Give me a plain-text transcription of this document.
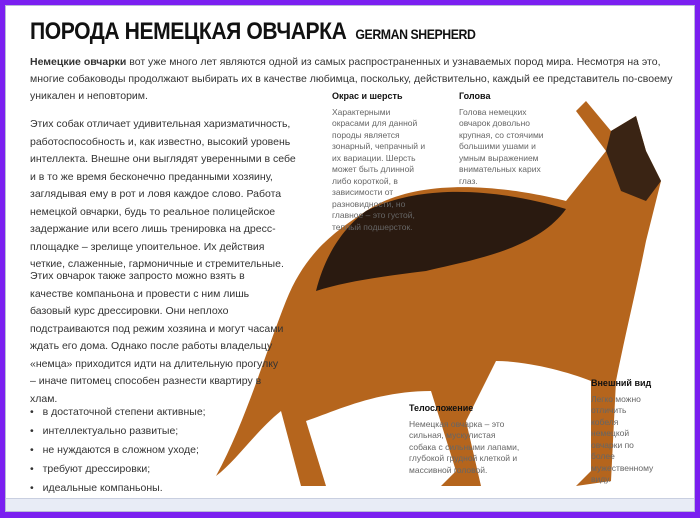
ПОРОДА НЕМЕЦКАЯ ОВЧАРКА GERMAN SHEPHERD
Немецкие овчарки вот уже много лет являются одной из самых распространенных и узнаваемых пород мира. Несмотря на это, многие собаководы продолжают выбирать их в качестве любимца, поскольку, действительно, каждый ее представитель по-своему уникален и неповторим.
Этих собак отличает удивительная харизматичность, работоспособность и, как известно, высокий уровень интеллекта. Внешне они выглядят уверенными в себе и в то же время бесконечно преданными хозяину, заглядывая ему в рот и ловя каждое слово. Работа немецкой овчарки, будь то реальное полицейское задержание или всего лишь тренировка на дресс-площадке – зрелище упоительное. Их действия четкие, слаженные, гармоничные и стремительные.
Этих овчарок также запросто можно взять в качестве компаньона и провести с ним лишь базовый курс дрессировки. Они неплохо подстраиваются под режим хозяина и могут часами ждать его дома. Однако после работы владельцу «немца» приходится идти на длительную прогулку – иначе питомец способен разнести квартиру в хлам.
• в достаточной степени активные;
• интеллектуально развитые;
• не нуждаются в сложном уходе;
• требуют дрессировки;
• идеальные компаньоны.
Окрас и шерсть
Характерными окрасами для данной породы является зонарный, чепрачный и их вариации. Шерсть может быть длинной либо короткой, в зависимости от разновидности, но главное – это густой, теплый подшерсток.
Голова
Голова немецких овчарок довольно крупная, со стоячими большими ушами и умным выражением внимательных карих глаз.
Телосложение
Немецкая овчарка – это сильная, мускулистая собака с сильными лапами, глубокой грудной клеткой и массивной головой.
Внешний вид
Легко можно отличить кобеля немецкой овчарки по более мужественному виду.
